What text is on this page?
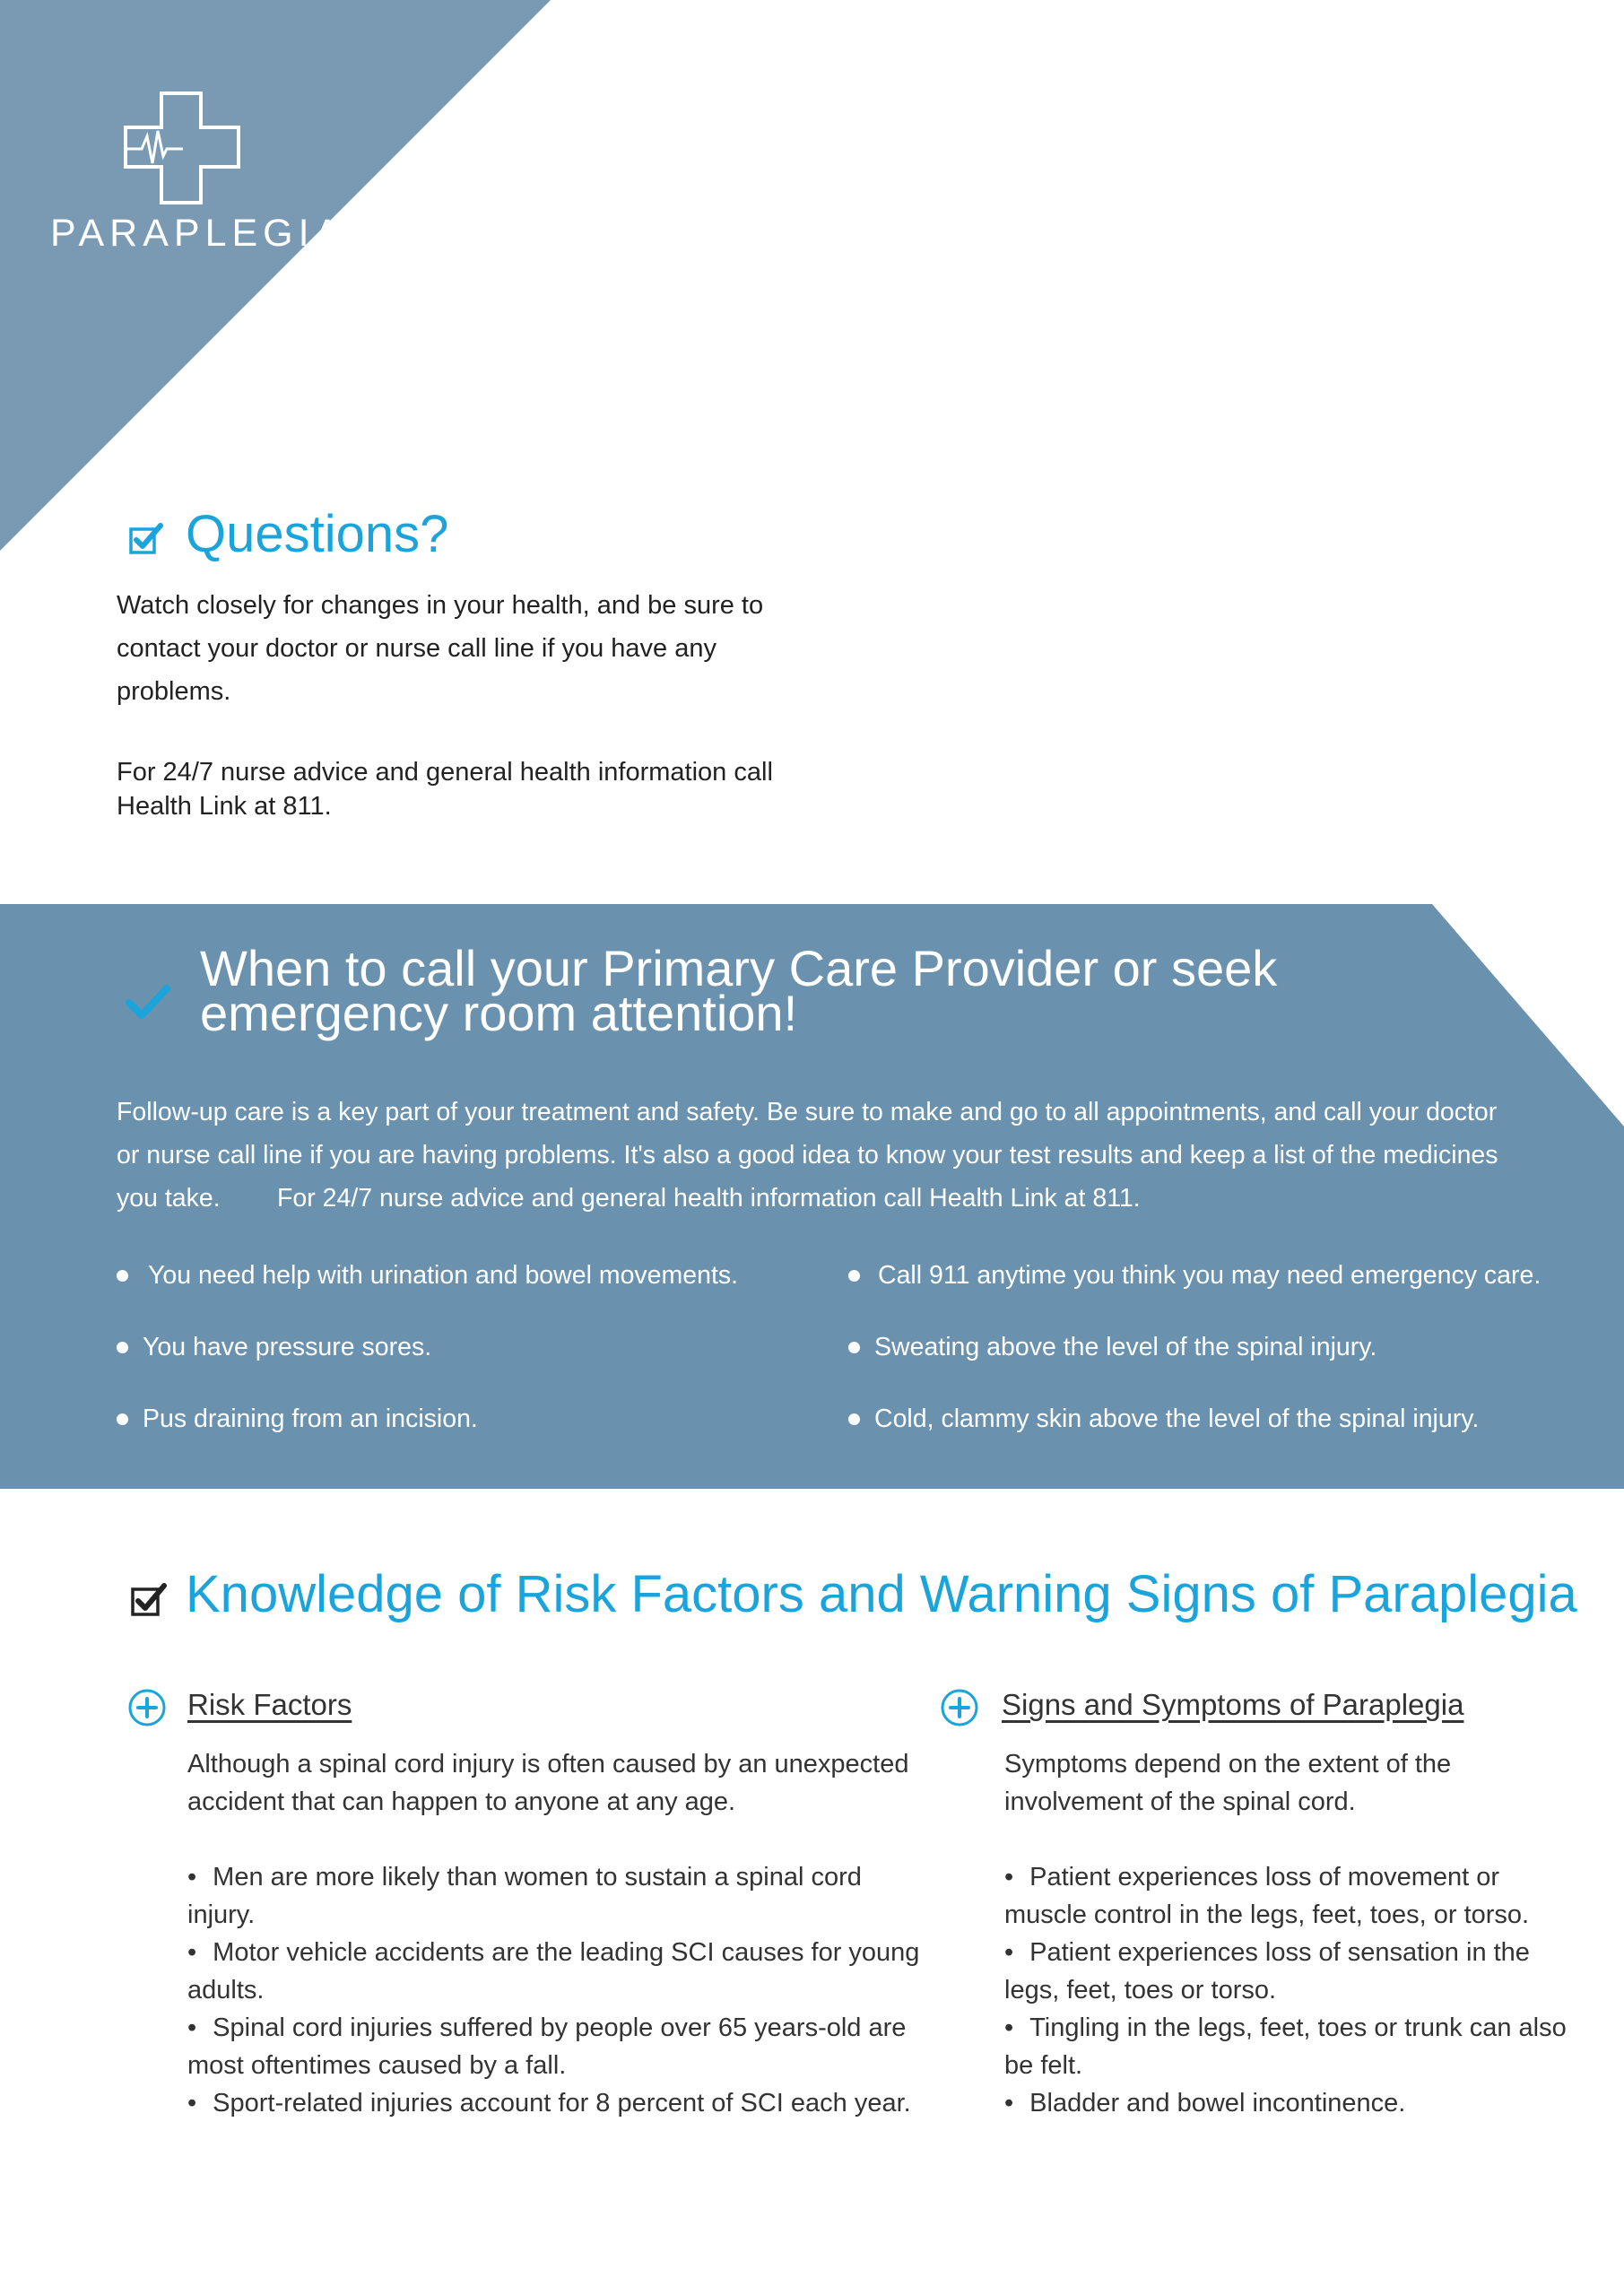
PARAPLEGIA
Questions?
Watch closely for changes in your health, and be sure to contact your doctor or nurse call line if you have any problems.
For 24/7 nurse advice and general health information call Health Link at 811.
When to call your Primary Care Provider or seek emergency room attention!
Follow-up care is a key part of your treatment and safety. Be sure to make and go to all appointments, and call your doctor or nurse call line if you are having problems. It's also a good idea to know your test results and keep a list of the medicines you take.        For 24/7 nurse advice and general health information call Health Link at 811.
You need help with urination and bowel movements.
You have pressure sores.
Pus draining from an incision.
Call 911 anytime you think you may need emergency care.
Sweating above the level of the spinal injury.
Cold, clammy skin above the level of the spinal injury.
Knowledge of Risk Factors and Warning Signs of Paraplegia
Risk Factors

Although a spinal cord injury is often caused by an unexpected accident that can happen to anyone at any age.

• Men are more likely than women to sustain a spinal cord injury.
• Motor vehicle accidents are the leading SCI causes for young adults.
• Spinal cord injuries suffered by people over 65 years-old are most oftentimes caused by a fall.
• Sport-related injuries account for 8 percent of SCI each year.
Signs and Symptoms of Paraplegia

Symptoms depend on the extent of the involvement of the spinal cord.

• Patient experiences loss of movement or muscle control in the legs, feet, toes, or torso.
• Patient experiences loss of sensation in the legs, feet, toes or torso.
• Tingling in the legs, feet, toes or trunk can also be felt.
• Bladder and bowel incontinence.
